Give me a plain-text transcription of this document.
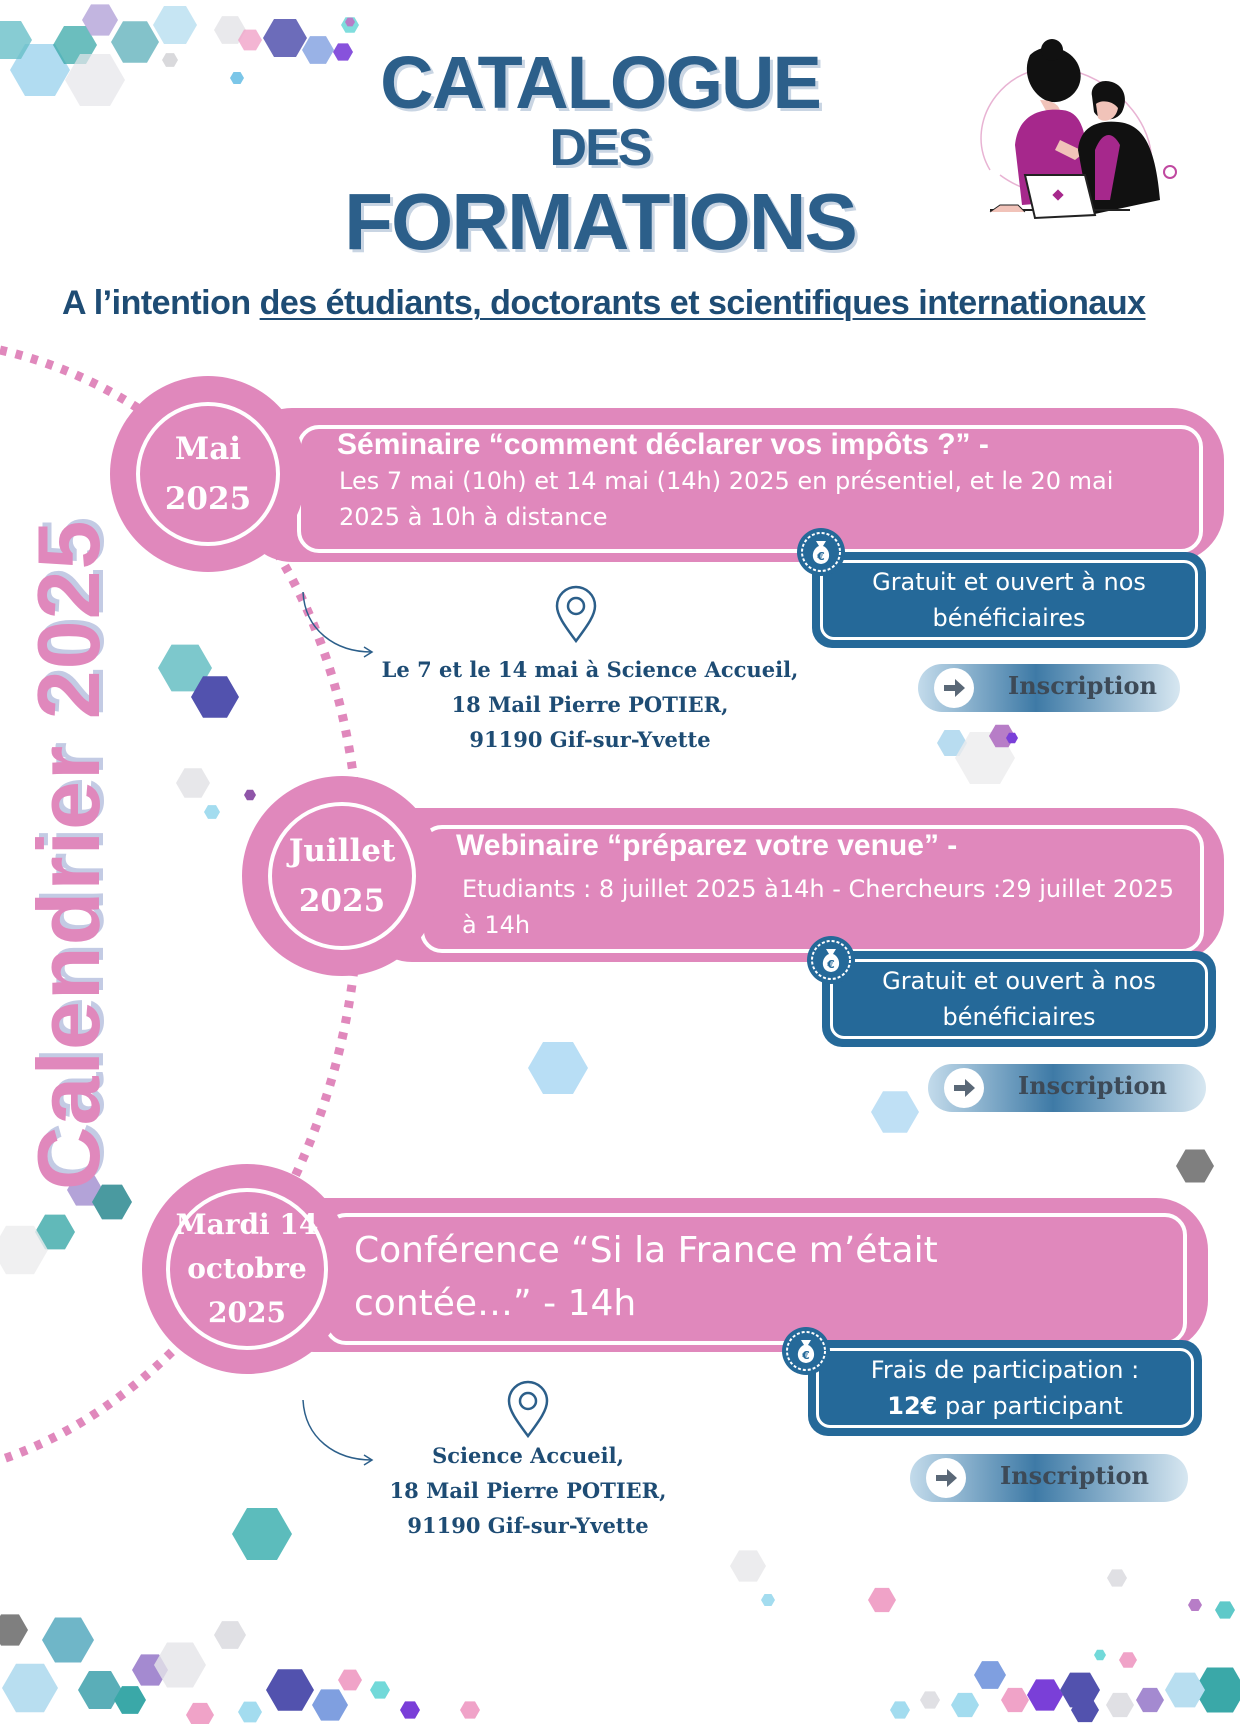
CATALOGUE
DES
FORMATIONS
A l’intention des étudiants, doctorants et scientifiques internationaux
Calendrier 2025
Mai
2025
Séminaire “comment déclarer vos impôts ?” -
Les 7 mai (10h) et 14 mai (14h) 2025 en présentiel, et le 20 mai 2025 à 10h à distance
Gratuit et ouvert à nos
bénéficiaires
€
Inscription
Le 7 et le 14 mai à Science Accueil,
18 Mail Pierre POTIER,
91190 Gif-sur-Yvette
Juillet
2025
Webinaire “préparez votre venue” -
Etudiants : 8 juillet 2025 à14h - Chercheurs :29 juillet 2025 à 14h
Gratuit et ouvert à nos
bénéficiaires
€
Inscription
Mardi 14
octobre
2025
Conférence “Si la France m’était
contée…” - 14h
Frais de participation :
12€ par participant
€
Inscription
Science Accueil,
18 Mail Pierre POTIER,
91190 Gif-sur-Yvette
